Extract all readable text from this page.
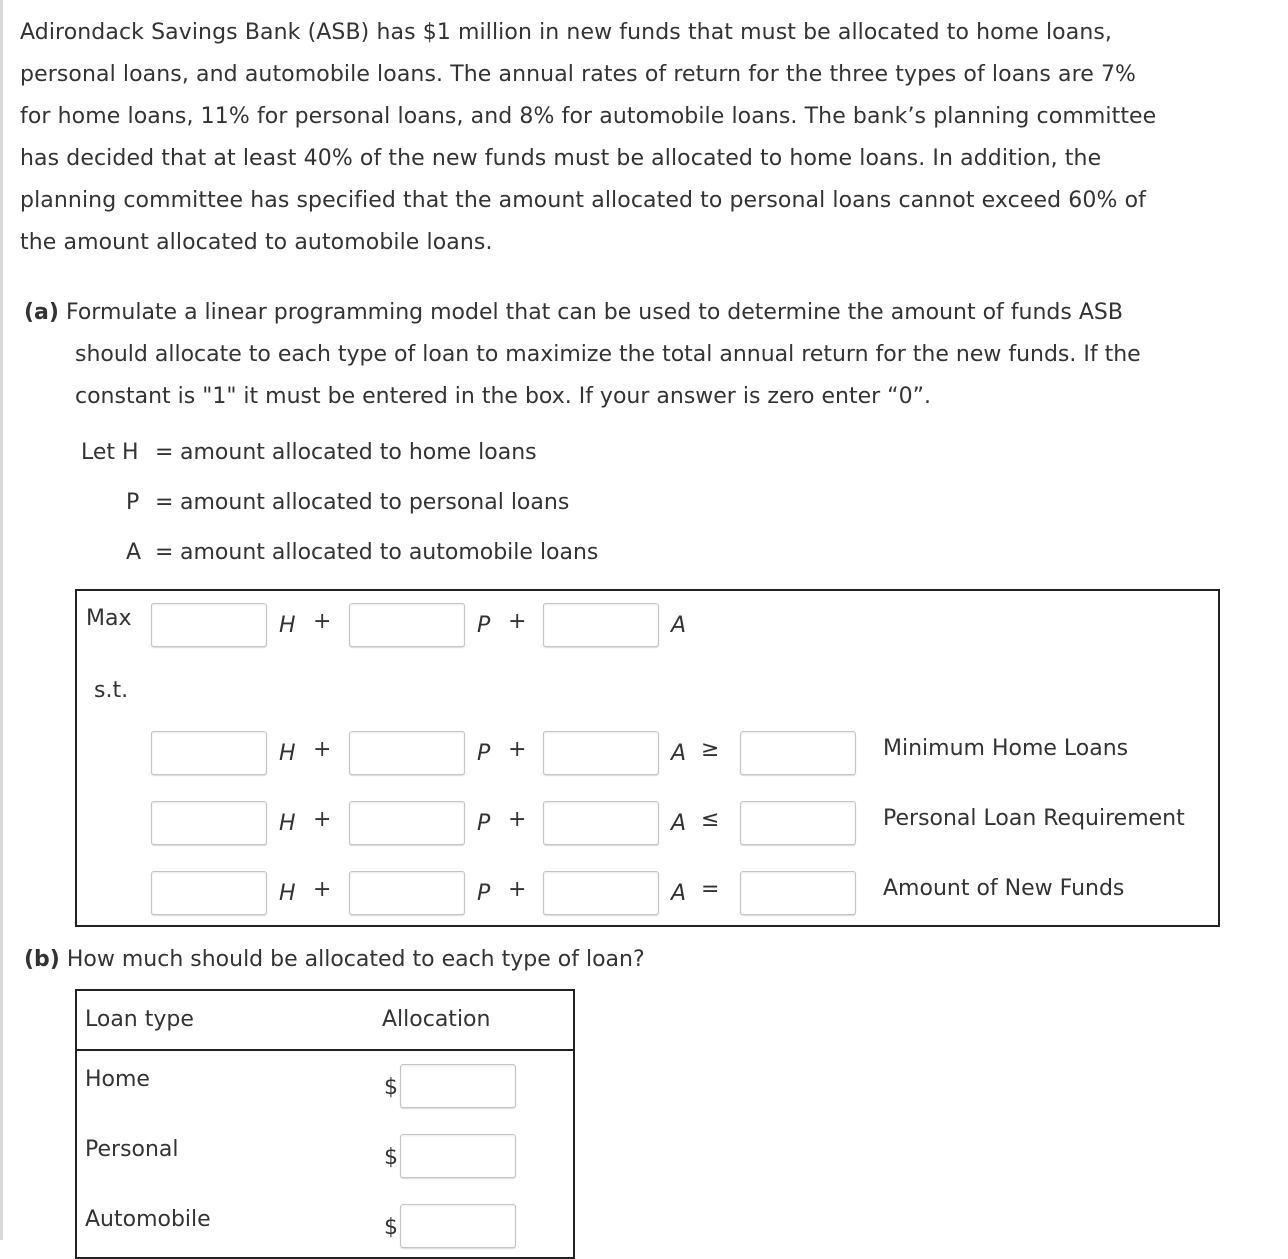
Adirondack Savings Bank (ASB) has $1 million in new funds that must be allocated to home loans,
personal loans, and automobile loans. The annual rates of return for the three types of loans are 7%
for home loans, 11% for personal loans, and 8% for automobile loans. The bank’s planning committee
has decided that at least 40% of the new funds must be allocated to home loans. In addition, the
planning committee has specified that the amount allocated to personal loans cannot exceed 60% of
the amount allocated to automobile loans.
(a) Formulate a linear programming model that can be used to determine the amount of funds ASB
should allocate to each type of loan to maximize the total annual return for the new funds. If the
constant is "1" it must be entered in the box. If your answer is zero enter “0”.
Let H = amount allocated to home loans
P = amount allocated to personal loans
A = amount allocated to automobile loans
Max	H +	P +	A
s.t.
H +	P +	A ≥	Minimum Home Loans
H +	P +	A ≤	Personal Loan Requirement
H +	P +	A =	Amount of New Funds
(b) How much should be allocated to each type of loan?
Loan type	Allocation
Home	$
Personal	$
Automobile	$
